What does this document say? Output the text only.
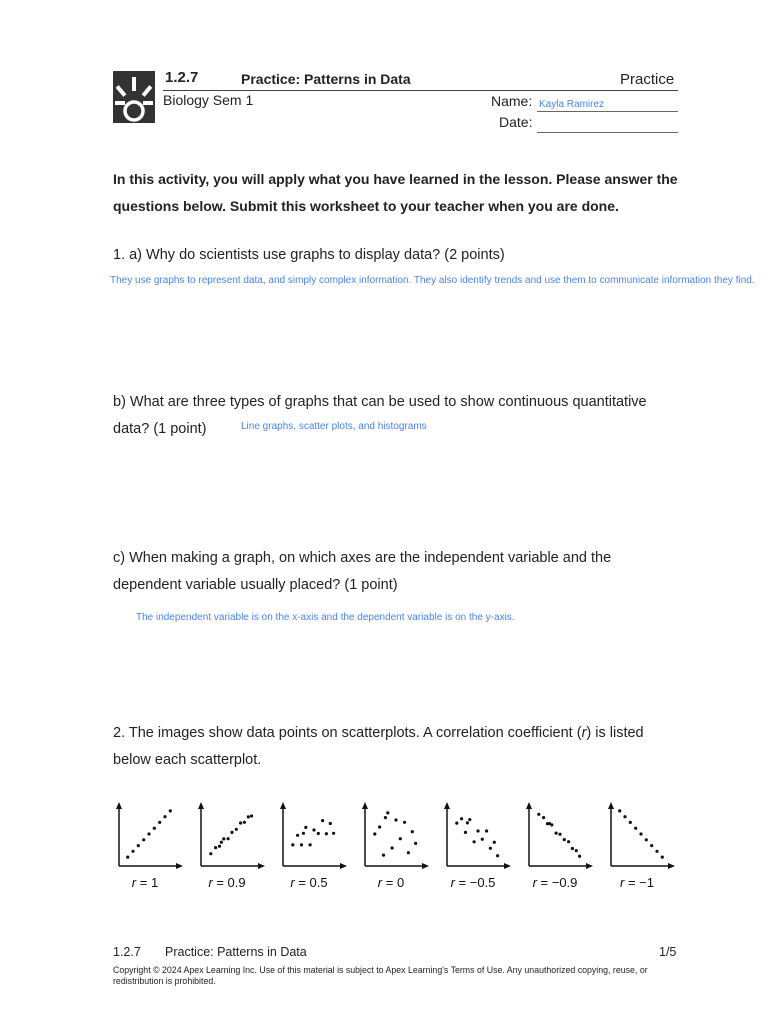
1.2.7	Practice: Patterns in Data	Practice
Biology Sem 1	Name: Kayla Ramirez
Date:
In this activity, you will apply what you have learned in the lesson. Please answer the questions below. Submit this worksheet to your teacher when you are done.
1. a) Why do scientists use graphs to display data? (2 points)
They use graphs to represent data, and simply complex information. They also identify trends and use them to communicate information they find.
b) What are three types of graphs that can be used to show continuous quantitative data? (1 point)	Line graphs, scatter plots, and histograms
c) When making a graph, on which axes are the independent variable and the dependent variable usually placed? (1 point)
The independent variable is on the x-axis and the dependent variable is on the y-axis.
2. The images show data points on scatterplots. A correlation coefficient (r) is listed below each scatterplot.
r = 1	r = 0.9	r = 0.5	r = 0	r = −0.5	r = −0.9	r = −1
1.2.7 Practice: Patterns in Data	1/5
Copyright © 2024 Apex Learning Inc. Use of this material is subject to Apex Learning's Terms of Use. Any unauthorized copying, reuse, or redistribution is prohibited.
